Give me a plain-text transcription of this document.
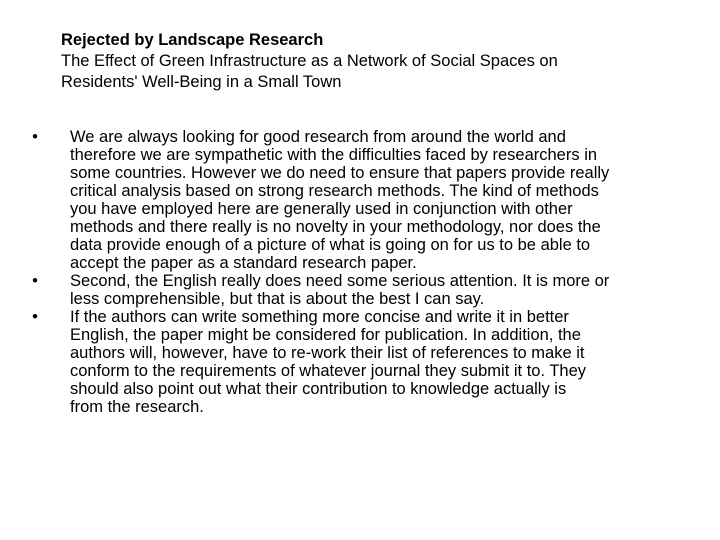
Rejected by Landscape Research
The Effect of Green Infrastructure as a Network of Social Spaces on
Residents' Well-Being in a Small Town
• We are always looking for good research from around the world and
therefore we are sympathetic with the difficulties faced by researchers in
some countries. However we do need to ensure that papers provide really
critical analysis based on strong research methods. The kind of methods
you have employed here are generally used in conjunction with other
methods and there really is no novelty in your methodology, nor does the
data provide enough of a picture of what is going on for us to be able to
accept the paper as a standard research paper.
• Second, the English really does need some serious attention. It is more or
less comprehensible, but that is about the best I can say.
• If the authors can write something more concise and write it in better
English, the paper might be considered for publication. In addition, the
authors will, however, have to re-work their list of references to make it
conform to the requirements of whatever journal they submit it to. They
should also point out what their contribution to knowledge actually is
from the research.
